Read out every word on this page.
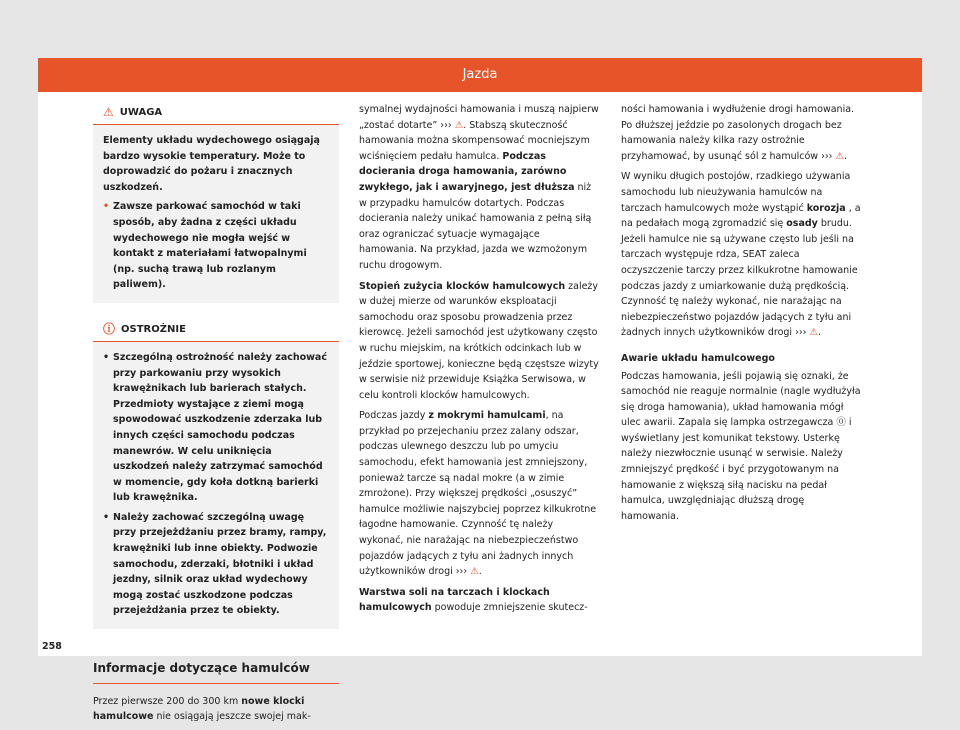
Jazda
⚠ UWAGA

Elementy układu wydechowego osiągają bardzo wysokie temperatury. Może to doprowadzić do pożaru i znacznych uszkodzeń.

• Zawsze parkować samochód w taki sposób, aby żadna z części układu wydechowego nie mogła wejść w kontakt z materiałami łatwopalnymi (np. suchą trawą lub rozlanym paliwem).

ⓘ OSTROŻNIE

• Szczególną ostrożność należy zachować przy parkowaniu przy wysokich krawężnikach lub barierach stałych. Przedmioty wystające z ziemi mogą spowodować uszkodzenie zderzaka lub innych części samochodu podczas manewrów. W celu uniknięcia uszkodzeń należy zatrzymać samochód w momencie, gdy koła dotkną barierki lub krawężnika.

• Należy zachować szczególną uwagę przy przejeżdżaniu przez bramy, rampy, krawężniki lub inne obiekty. Podwozie samochodu, zderzaki, błotniki i układ jezdny, silnik oraz układ wydechowy mogą zostać uszkodzone podczas przejeżdżania przez te obiekty.

Informacje dotyczące hamulców

Przez pierwsze 200 do 300 km nowe klocki hamulcowe nie osiągają jeszcze swojej mak-

symalnej wydajności hamowania i muszą najpierw „zostać dotarte” ››› ⚠. Stabszą skuteczność hamowania można skompensować mocniejszym wciśnięciem pedału hamulca. Podczas docierania droga hamowania, zarówno zwykłego, jak i awaryjnego, jest dłuższa niż w przypadku hamulców dotartych. Podczas docierania należy unikać hamowania z pełną siłą oraz ograniczać sytuacje wymagające hamowania. Na przykład, jazda we wzmożonym ruchu drogowym.

Stopień zużycia klocków hamulcowych zależy w dużej mierze od warunków eksploatacji samochodu oraz sposobu prowadzenia przez kierowcę. Jeżeli samochód jest użytkowany często w ruchu miejskim, na krótkich odcinkach lub w jeździe sportowej, konieczne będą częstsze wizyty w serwisie niż przewiduje Książka Serwisowa, w celu kontroli klocków hamulcowych.

Podczas jazdy z mokrymi hamulcami, na przykład po przejechaniu przez zalany odszar, podczas ulewnego deszczu lub po umyciu samochodu, efekt hamowania jest zmniejszony, ponieważ tarcze są nadal mokre (a w zimie zmrożone). Przy większej prędkości „osuszyć” hamulce możliwie najszybciej poprzez kilkukrotne łagodne hamowanie. Czynność tę należy wykonać, nie narażając na niebezpieczeństwo pojazdów jadących z tyłu ani żadnych innych użytkowników drogi ››› ⚠.

Warstwa soli na tarczach i klockach hamulcowych powoduje zmniejszenie skutecz-

ności hamowania i wydłużenie drogi hamowania. Po dłuższej jeździe po zasolonych drogach bez hamowania należy kilka razy ostrożnie przyhamować, by usunąć sól z hamulców ››› ⚠.

W wyniku długich postojów, rzadkiego używania samochodu lub nieużywania hamulców na tarczach hamulcowych może wystąpić korozja , a na pedałach mogą zgromadzić się osady brudu. Jeżeli hamulce nie są używane często lub jeśli na tarczach występuje rdza, SEAT zaleca oczyszczenie tarczy przez kilkukrotne hamowanie podczas jazdy z umiarkowanie dużą prędkością. Czynność tę należy wykonać, nie narażając na niebezpieczeństwo pojazdów jadących z tyłu ani żadnych innych użytkowników drogi ››› ⚠.

Awarie układu hamulcowego

Podczas hamowania, jeśli pojawią się oznaki, że samochód nie reaguje normalnie (nagle wydłużyła się droga hamowania), układ hamowania mógł ulec awarii. Zapala się lampka ostrzegawcza ⓪ i wyświetlany jest komunikat tekstowy. Usterkę należy niezwłocznie usunąć w serwisie. Należy zmniejszyć prędkość i być przygotowanym na hamowanie z większą siłą nacisku na pedał hamulca, uwzględniając dłuższą drogę hamowania.

258
